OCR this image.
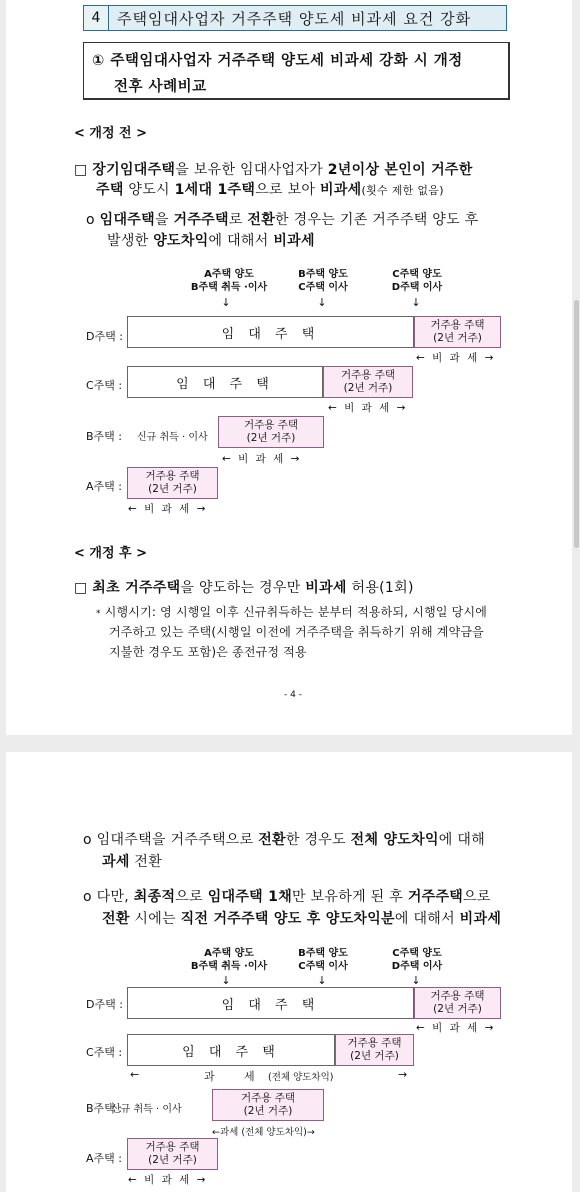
4	주택임대사업자 거주주택 양도세 비과세 요건 강화
① 주택임대사업자 거주주택 양도세 비과세 강화 시 개정
전후 사례비교
< 개정 전 >
□ 장기임대주택을 보유한 임대사업자가 2년이상 본인이 거주한
주택 양도시 1세대 1주택으로 보아 비과세(횟수 제한 없음)
o 임대주택을 거주주택로 전환한 경우는 기존 거주주택 양도 후
발생한 양도차익에 대해서 비과세
A주택 양도
B주택 취득 ·이사
B주택 양도
C주택 이사
C주택 양도
D주택 이사
↓	↓	↓
D주택 :	임 대 주 택
거주용 주택
(2년 거주)
← 비 과 세 →
C주택 :	임 대 주 택
거주용 주택
(2년 거주)
← 비 과 세 →
B주택 : 신규 취득 · 이사
거주용 주택
(2년 거주)
← 비 과 세 →
A주택 :
거주용 주택
(2년 거주)
← 비 과 세 →
< 개정 후 >
□ 최초 거주주택을 양도하는 경우만 비과세 허용(1회)
* 시행시기: 영 시행일 이후 신규취득하는 분부터 적용하되, 시행일 당시에
거주하고 있는 주택(시행일 이전에 거주주택을 취득하기 위해 계약금을
지불한 경우도 포함)은 종전규정 적용
- 4 -
o 임대주택을 거주주택으로 전환한 경우도 전체 양도차익에 대해
과세 전환
o 다만, 최종적으로 임대주택 1채만 보유하게 된 후 거주주택으로
전환 시에는 직전 거주주택 양도 후 양도차익분에 대해서 비과세
A주택 양도
B주택 취득 ·이사
B주택 양도
C주택 이사
C주택 양도
D주택 이사
↓	↓	↓
D주택 :	임 대 주 택
거주용 주택
(2년 거주)
← 비 과 세 →
C주택 :	임 대 주 택
거주용 주택
(2년 거주)
←	과	세 (전체 양도차익)	→
B주택 :
신규 취득 · 이사
거주용 주택
(2년 거주)
←과세 (전체 양도차익)→
A주택 :
거주용 주택
(2년 거주)
← 비 과 세 →
